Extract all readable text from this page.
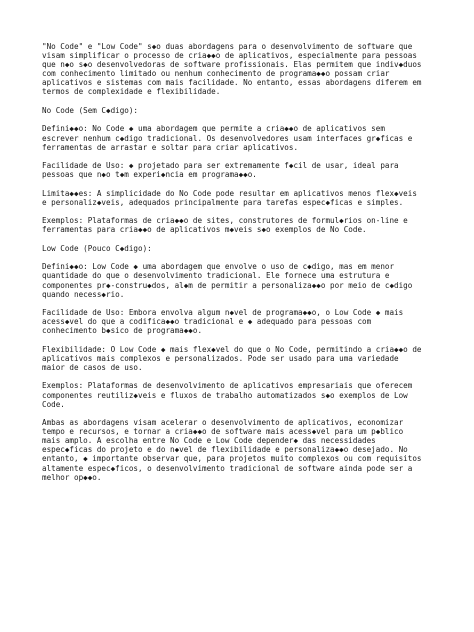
"No Code" e "Low Code" s◆o duas abordagens para o desenvolvimento de software que
visam simplificar o processo de cria◆◆o de aplicativos, especialmente para pessoas
que n◆o s◆o desenvolvedoras de software profissionais. Elas permitem que indiv◆duos
com conhecimento limitado ou nenhum conhecimento de programa◆◆o possam criar
aplicativos e sistemas com mais facilidade. No entanto, essas abordagens diferem em
termos de complexidade e flexibilidade.

No Code (Sem C◆digo):

Defini◆◆o: No Code ◆ uma abordagem que permite a cria◆◆o de aplicativos sem
escrever nenhum c◆digo tradicional. Os desenvolvedores usam interfaces gr◆ficas e
ferramentas de arrastar e soltar para criar aplicativos.

Facilidade de Uso: ◆ projetado para ser extremamente f◆cil de usar, ideal para
pessoas que n◆o t◆m experi◆ncia em programa◆◆o.

Limita◆◆es: A simplicidade do No Code pode resultar em aplicativos menos flex◆veis
e personaliz◆veis, adequados principalmente para tarefas espec◆ficas e simples.

Exemplos: Plataformas de cria◆◆o de sites, construtores de formul◆rios on-line e
ferramentas para cria◆◆o de aplicativos m◆veis s◆o exemplos de No Code.

Low Code (Pouco C◆digo):

Defini◆◆o: Low Code ◆ uma abordagem que envolve o uso de c◆digo, mas em menor
quantidade do que o desenvolvimento tradicional. Ele fornece uma estrutura e
componentes pr◆-constru◆dos, al◆m de permitir a personaliza◆◆o por meio de c◆digo
quando necess◆rio.

Facilidade de Uso: Embora envolva algum n◆vel de programa◆◆o, o Low Code ◆ mais
acess◆vel do que a codifica◆◆o tradicional e ◆ adequado para pessoas com
conhecimento b◆sico de programa◆◆o.

Flexibilidade: O Low Code ◆ mais flex◆vel do que o No Code, permitindo a cria◆◆o de
aplicativos mais complexos e personalizados. Pode ser usado para uma variedade
maior de casos de uso.

Exemplos: Plataformas de desenvolvimento de aplicativos empresariais que oferecem
componentes reutiliz◆veis e fluxos de trabalho automatizados s◆o exemplos de Low
Code.

Ambas as abordagens visam acelerar o desenvolvimento de aplicativos, economizar
tempo e recursos, e tornar a cria◆◆o de software mais acess◆vel para um p◆blico
mais amplo. A escolha entre No Code e Low Code depender◆ das necessidades
espec◆ficas do projeto e do n◆vel de flexibilidade e personaliza◆◆o desejado. No
entanto, ◆ importante observar que, para projetos muito complexos ou com requisitos
altamente espec◆ficos, o desenvolvimento tradicional de software ainda pode ser a
melhor op◆◆o.
